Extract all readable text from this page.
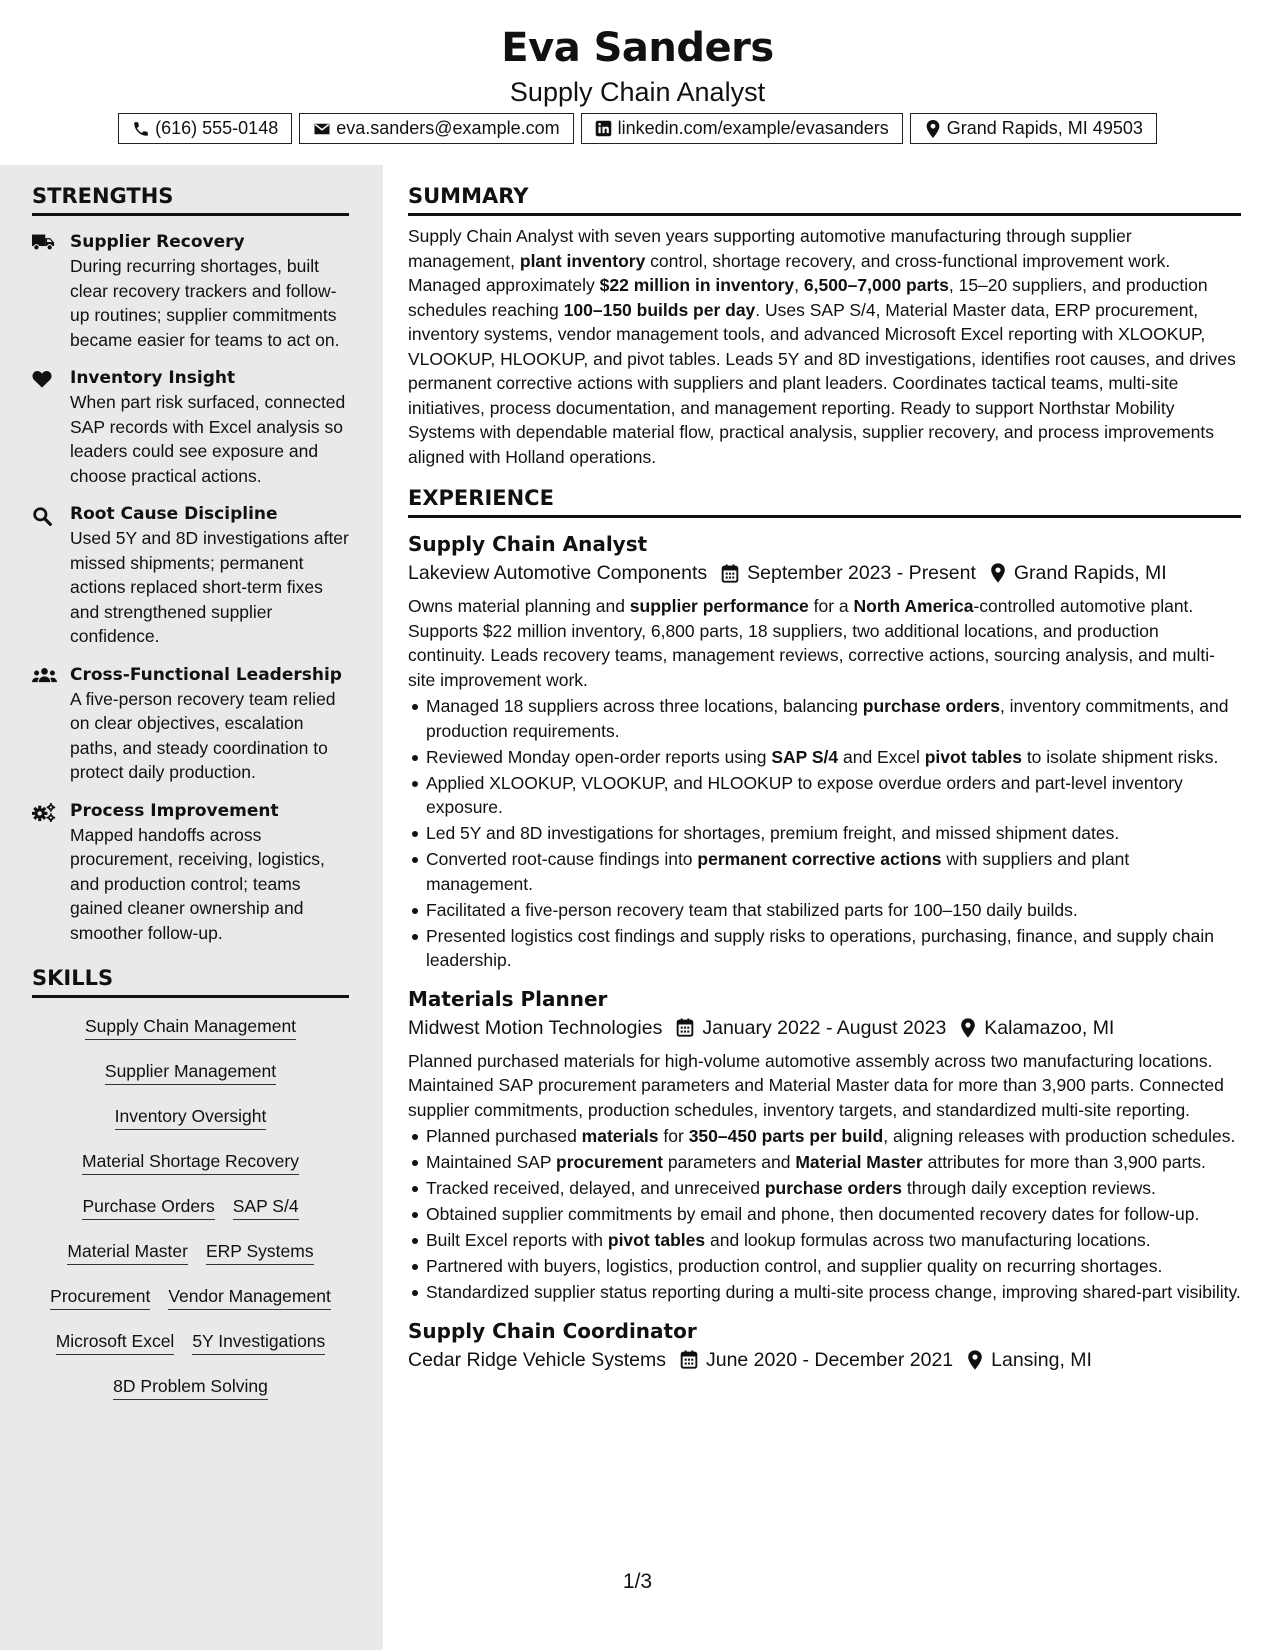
Eva Sanders
Supply Chain Analyst
(616) 555-0148	eva.sanders@example.com	linkedin.com/example/evasanders	Grand Rapids, MI 49503
STRENGTHS
Supplier Recovery
During recurring shortages, built clear recovery trackers and follow-up routines; supplier commitments became easier for teams to act on.
Inventory Insight
When part risk surfaced, connected SAP records with Excel analysis so leaders could see exposure and choose practical actions.
Root Cause Discipline
Used 5Y and 8D investigations after missed shipments; permanent actions replaced short-term fixes and strengthened supplier confidence.
Cross-Functional Leadership
A five-person recovery team relied on clear objectives, escalation paths, and steady coordination to protect daily production.
Process Improvement
Mapped handoffs across procurement, receiving, logistics, and production control; teams gained cleaner ownership and smoother follow-up.
SKILLS
Supply Chain Management
Supplier Management
Inventory Oversight
Material Shortage Recovery
Purchase Orders SAP S/4
Material Master ERP Systems
Procurement Vendor Management
Microsoft Excel 5Y Investigations
8D Problem Solving
SUMMARY
Supply Chain Analyst with seven years supporting automotive manufacturing through supplier management, plant inventory control, shortage recovery, and cross-functional improvement work. Managed approximately $22 million in inventory, 6,500–7,000 parts, 15–20 suppliers, and production schedules reaching 100–150 builds per day. Uses SAP S/4, Material Master data, ERP procurement, inventory systems, vendor management tools, and advanced Microsoft Excel reporting with XLOOKUP, VLOOKUP, HLOOKUP, and pivot tables. Leads 5Y and 8D investigations, identifies root causes, and drives permanent corrective actions with suppliers and plant leaders. Coordinates tactical teams, multi-site initiatives, process documentation, and management reporting. Ready to support Northstar Mobility Systems with dependable material flow, practical analysis, supplier recovery, and process improvements aligned with Holland operations.
EXPERIENCE
Supply Chain Analyst
Lakeview Automotive Components September 2023 - Present Grand Rapids, MI
Owns material planning and supplier performance for a North America-controlled automotive plant. Supports $22 million inventory, 6,800 parts, 18 suppliers, two additional locations, and production continuity. Leads recovery teams, management reviews, corrective actions, sourcing analysis, and multi-site improvement work.
Managed 18 suppliers across three locations, balancing purchase orders, inventory commitments, and production requirements.
Reviewed Monday open-order reports using SAP S/4 and Excel pivot tables to isolate shipment risks.
Applied XLOOKUP, VLOOKUP, and HLOOKUP to expose overdue orders and part-level inventory exposure.
Led 5Y and 8D investigations for shortages, premium freight, and missed shipment dates.
Converted root-cause findings into permanent corrective actions with suppliers and plant management.
Facilitated a five-person recovery team that stabilized parts for 100–150 daily builds.
Presented logistics cost findings and supply risks to operations, purchasing, finance, and supply chain leadership.
Materials Planner
Midwest Motion Technologies January 2022 - August 2023 Kalamazoo, MI
Planned purchased materials for high-volume automotive assembly across two manufacturing locations. Maintained SAP procurement parameters and Material Master data for more than 3,900 parts. Connected supplier commitments, production schedules, inventory targets, and standardized multi-site reporting.
Planned purchased materials for 350–450 parts per build, aligning releases with production schedules.
Maintained SAP procurement parameters and Material Master attributes for more than 3,900 parts.
Tracked received, delayed, and unreceived purchase orders through daily exception reviews.
Obtained supplier commitments by email and phone, then documented recovery dates for follow-up.
Built Excel reports with pivot tables and lookup formulas across two manufacturing locations.
Partnered with buyers, logistics, production control, and supplier quality on recurring shortages.
Standardized supplier status reporting during a multi-site process change, improving shared-part visibility.
Supply Chain Coordinator
Cedar Ridge Vehicle Systems June 2020 - December 2021 Lansing, MI
1/3
